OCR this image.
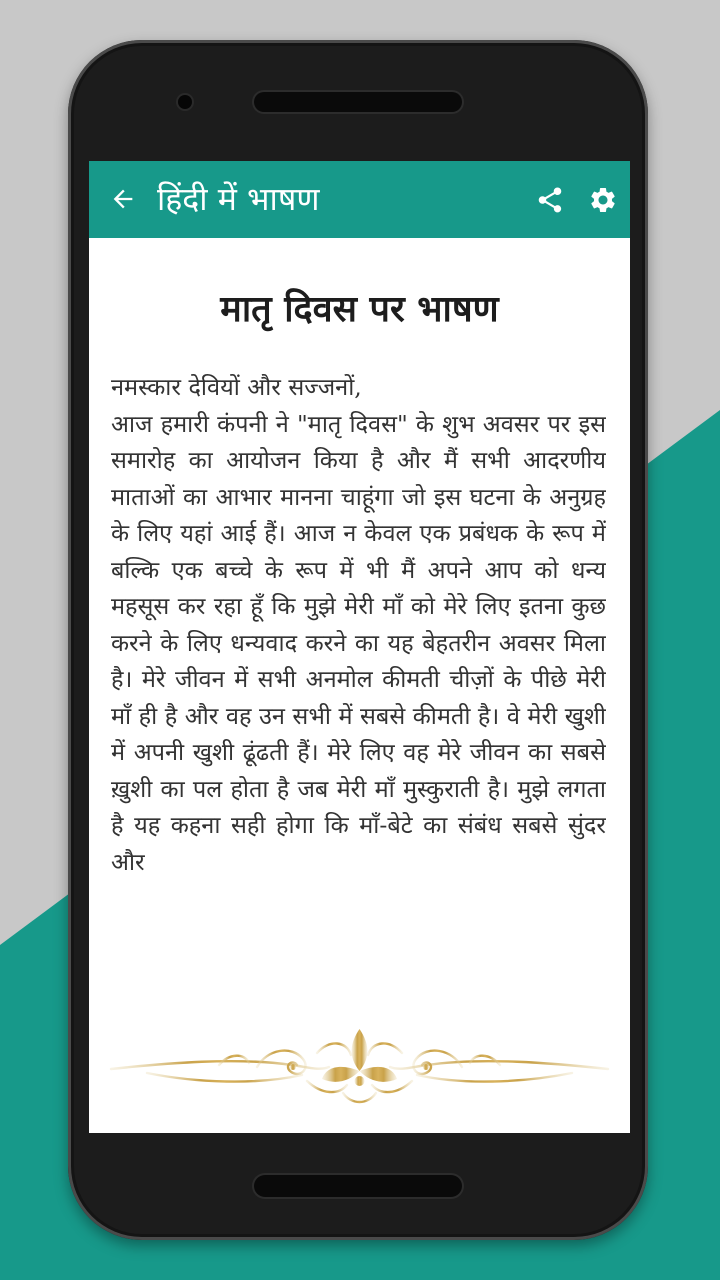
हिंदी में भाषण
मातृ दिवस पर भाषण

नमस्कार देवियों और सज्जनों,

आज हमारी कंपनी ने "मातृ दिवस" के शुभ अवसर पर इस समारोह का आयोजन किया है और मैं सभी आदरणीय माताओं का आभार मानना चाहूंगा जो इस घटना के अनुग्रह के लिए यहां आई हैं। आज न केवल एक प्रबंधक के रूप में बल्कि एक बच्चे के रूप में भी मैं अपने आप को धन्य महसूस कर रहा हूँ कि मुझे मेरी माँ को मेरे लिए इतना कुछ करने के लिए धन्यवाद करने का यह बेहतरीन अवसर मिला है। मेरे जीवन में सभी अनमोल कीमती चीज़ों के पीछे मेरी माँ ही है और वह उन सभी में सबसे कीमती है। वे मेरी खुशी में अपनी खुशी ढूंढती हैं। मेरे लिए वह मेरे जीवन का सबसे ख़ुशी का पल होता है जब मेरी माँ मुस्कुराती है। मुझे लगता है यह कहना सही होगा कि माँ-बेटे का संबंध सबसे सुंदर और
